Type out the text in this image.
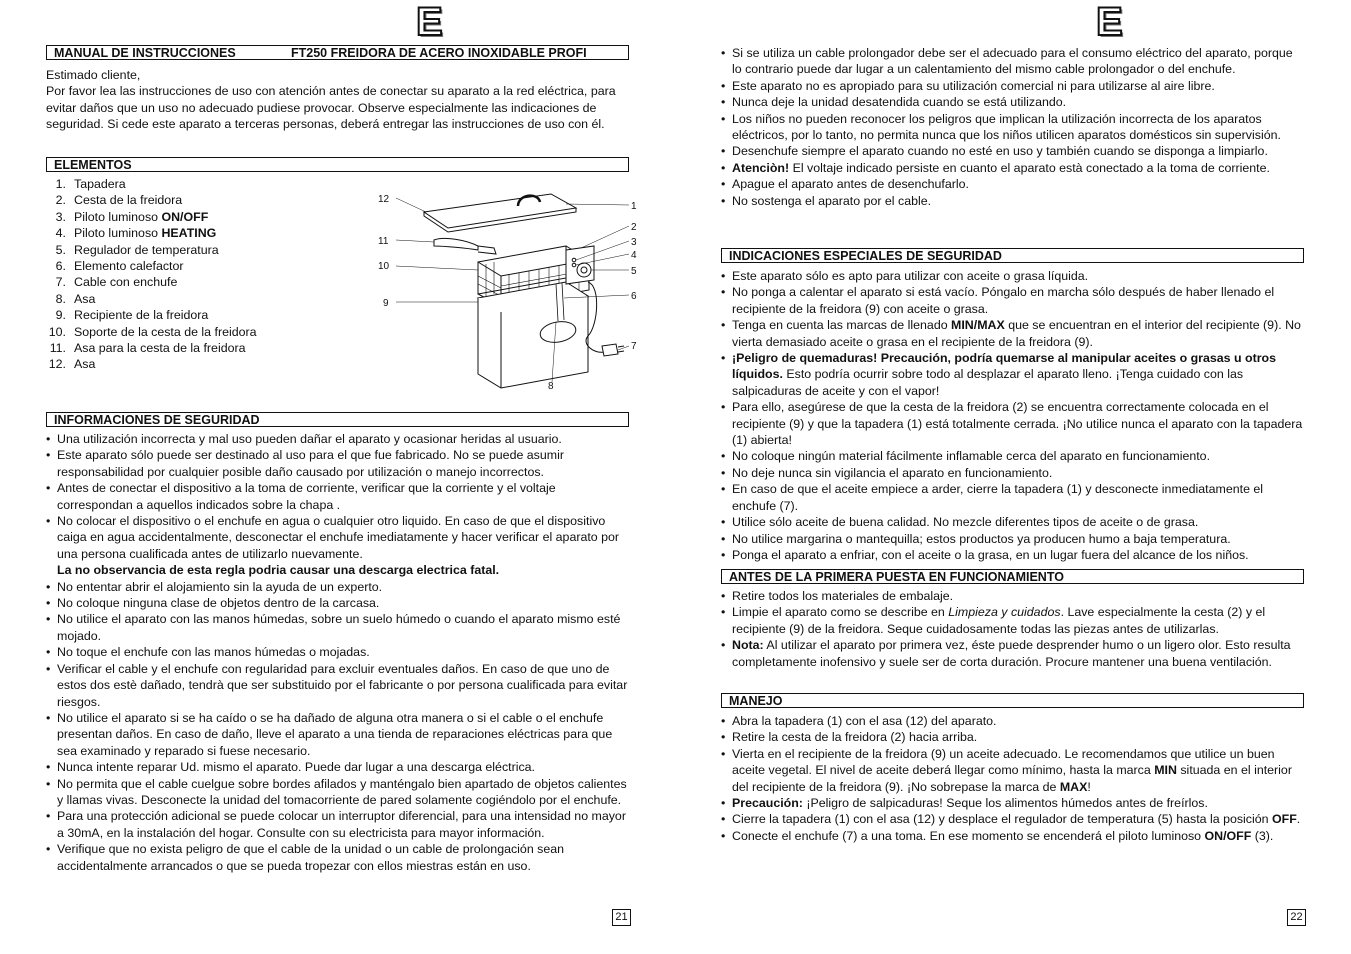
E
MANUAL DE INSTRUCCIONES	FT250 FREIDORA DE ACERO INOXIDABLE PROFI

Estimado cliente,

Por favor lea las instrucciones de uso con atención antes de conectar su aparato a la red eléctrica, para evitar daños que un uso no adecuado pudiese provocar. Observe especialmente las indicaciones de seguridad. Si cede este aparato a terceras personas, deberá entregar las instrucciones de uso con él.

ELEMENTOS
1. Tapadera
2. Cesta de la freidora
3. Piloto luminoso ON/OFF
4. Piloto luminoso HEATING
5. Regulador de temperatura
6. Elemento calefactor
7. Cable con enchufe
8. Asa
9. Recipiente de la freidora
10. Soporte de la cesta de la freidora
11. Asa para la cesta de la freidora
12. Asa
12
11
10
9
1
2
3
4
5
6
7
8
INFORMACIONES DE SEGURIDAD
• Una utilización incorrecta y mal uso pueden dañar el aparato y ocasionar heridas al usuario.
• Este aparato sólo puede ser destinado al uso para el que fue fabricado. No se puede asumir responsabilidad por cualquier posible daño causado por utilización o manejo incorrectos.
• Antes de conectar el dispositivo a la toma de corriente, verificar que la corriente y el voltaje correspondan a aquellos indicados sobre la chapa .
• No colocar el dispositivo o el enchufe en agua o cualquier otro liquido. En caso de que el dispositivo caiga en agua accidentalmente, desconectar el enchufe imediatamente y hacer verificar el aparato por una persona cualificada antes de utilizarlo nuevamente.
La no observancia de esta regla podria causar una descarga electrica fatal.
• No ententar abrir el alojamiento sin la ayuda de un experto.
• No coloque ninguna clase de objetos dentro de la carcasa.
• No utilice el aparato con las manos húmedas, sobre un suelo húmedo o cuando el aparato mismo esté mojado.
• No toque el enchufe con las manos húmedas o mojadas.
• Verificar el cable y el enchufe con regularidad para excluir eventuales daños. En caso de que uno de estos dos estè dañado, tendrà que ser substituido por el fabricante o por persona cualificada para evitar riesgos.
• No utilice el aparato si se ha caído o se ha dañado de alguna otra manera o si el cable o el enchufe presentan daños. En caso de daño, lleve el aparato a una tienda de reparaciones eléctricas para que sea examinado y reparado si fuese necesario.
• Nunca intente reparar Ud. mismo el aparato. Puede dar lugar a una descarga eléctrica.
• No permita que el cable cuelgue sobre bordes afilados y manténgalo bien apartado de objetos calientes y llamas vivas. Desconecte la unidad del tomacorriente de pared solamente cogiéndolo por el enchufe.
• Para una protección adicional se puede colocar un interruptor diferencial, para una intensidad no mayor a 30mA, en la instalación del hogar. Consulte con su electricista para mayor información.
• Verifique que no exista peligro de que el cable de la unidad o un cable de prolongación sean accidentalmente arrancados o que se pueda tropezar con ellos miestras están en uso.
21
E
• Si se utiliza un cable prolongador debe ser el adecuado para el consumo eléctrico del aparato, porque lo contrario puede dar lugar a un calentamiento del mismo cable prolongador o del enchufe.
• Este aparato no es apropiado para su utilización comercial ni para utilizarse al aire libre.
• Nunca deje la unidad desatendida cuando se está utilizando.
• Los niños no pueden reconocer los peligros que implican la utilización incorrecta de los aparatos eléctricos, por lo tanto, no permita nunca que los niños utilicen aparatos domésticos sin supervisión.
• Desenchufe siempre el aparato cuando no esté en uso y también cuando se disponga a limpiarlo.
• Atenciòn! El voltaje indicado persiste en cuanto el aparato està conectado a la toma de corriente.
• Apague el aparato antes de desenchufarlo.
• No sostenga el aparato por el cable.
INDICACIONES ESPECIALES DE SEGURIDAD
• Este aparato sólo es apto para utilizar con aceite o grasa líquida.
• No ponga a calentar el aparato si está vacío. Póngalo en marcha sólo después de haber llenado el recipiente de la freidora (9) con aceite o grasa.
• Tenga en cuenta las marcas de llenado MIN/MAX que se encuentran en el interior del recipiente (9). No vierta demasiado aceite o grasa en el recipiente de la freidora (9).
• ¡Peligro de quemaduras! Precaución, podría quemarse al manipular aceites o grasas u otros líquidos. Esto podría ocurrir sobre todo al desplazar el aparato lleno. ¡Tenga cuidado con las salpicaduras de aceite y con el vapor!
• Para ello, asegúrese de que la cesta de la freidora (2) se encuentra correctamente colocada en el recipiente (9) y que la tapadera (1) está totalmente cerrada. ¡No utilice nunca el aparato con la tapadera (1) abierta!
• No coloque ningún material fácilmente inflamable cerca del aparato en funcionamiento.
• No deje nunca sin vigilancia el aparato en funcionamiento.
• En caso de que el aceite empiece a arder, cierre la tapadera (1) y desconecte inmediatamente el enchufe (7).
• Utilice sólo aceite de buena calidad. No mezcle diferentes tipos de aceite o de grasa.
• No utilice margarina o mantequilla; estos productos ya producen humo a baja temperatura.
• Ponga el aparato a enfriar, con el aceite o la grasa, en un lugar fuera del alcance de los niños.
ANTES DE LA PRIMERA PUESTA EN FUNCIONAMIENTO
• Retire todos los materiales de embalaje.
• Limpie el aparato como se describe en Limpieza y cuidados. Lave especialmente la cesta (2) y el recipiente (9) de la freidora. Seque cuidadosamente todas las piezas antes de utilizarlas.
• Nota: Al utilizar el aparato por primera vez, éste puede desprender humo o un ligero olor. Esto resulta completamente inofensivo y suele ser de corta duración. Procure mantener una buena ventilación.
MANEJO
• Abra la tapadera (1) con el asa (12) del aparato.
• Retire la cesta de la freidora (2) hacia arriba.
• Vierta en el recipiente de la freidora (9) un aceite adecuado. Le recomendamos que utilice un buen aceite vegetal. El nivel de aceite deberá llegar como mínimo, hasta la marca MIN situada en el interior del recipiente de la freidora (9). ¡No sobrepase la marca de MAX!
• Precaución: ¡Peligro de salpicaduras! Seque los alimentos húmedos antes de freírlos.
• Cierre la tapadera (1) con el asa (12) y desplace el regulador de temperatura (5) hasta la posición OFF.
• Conecte el enchufe (7) a una toma. En ese momento se encenderá el piloto luminoso ON/OFF (3).
22
